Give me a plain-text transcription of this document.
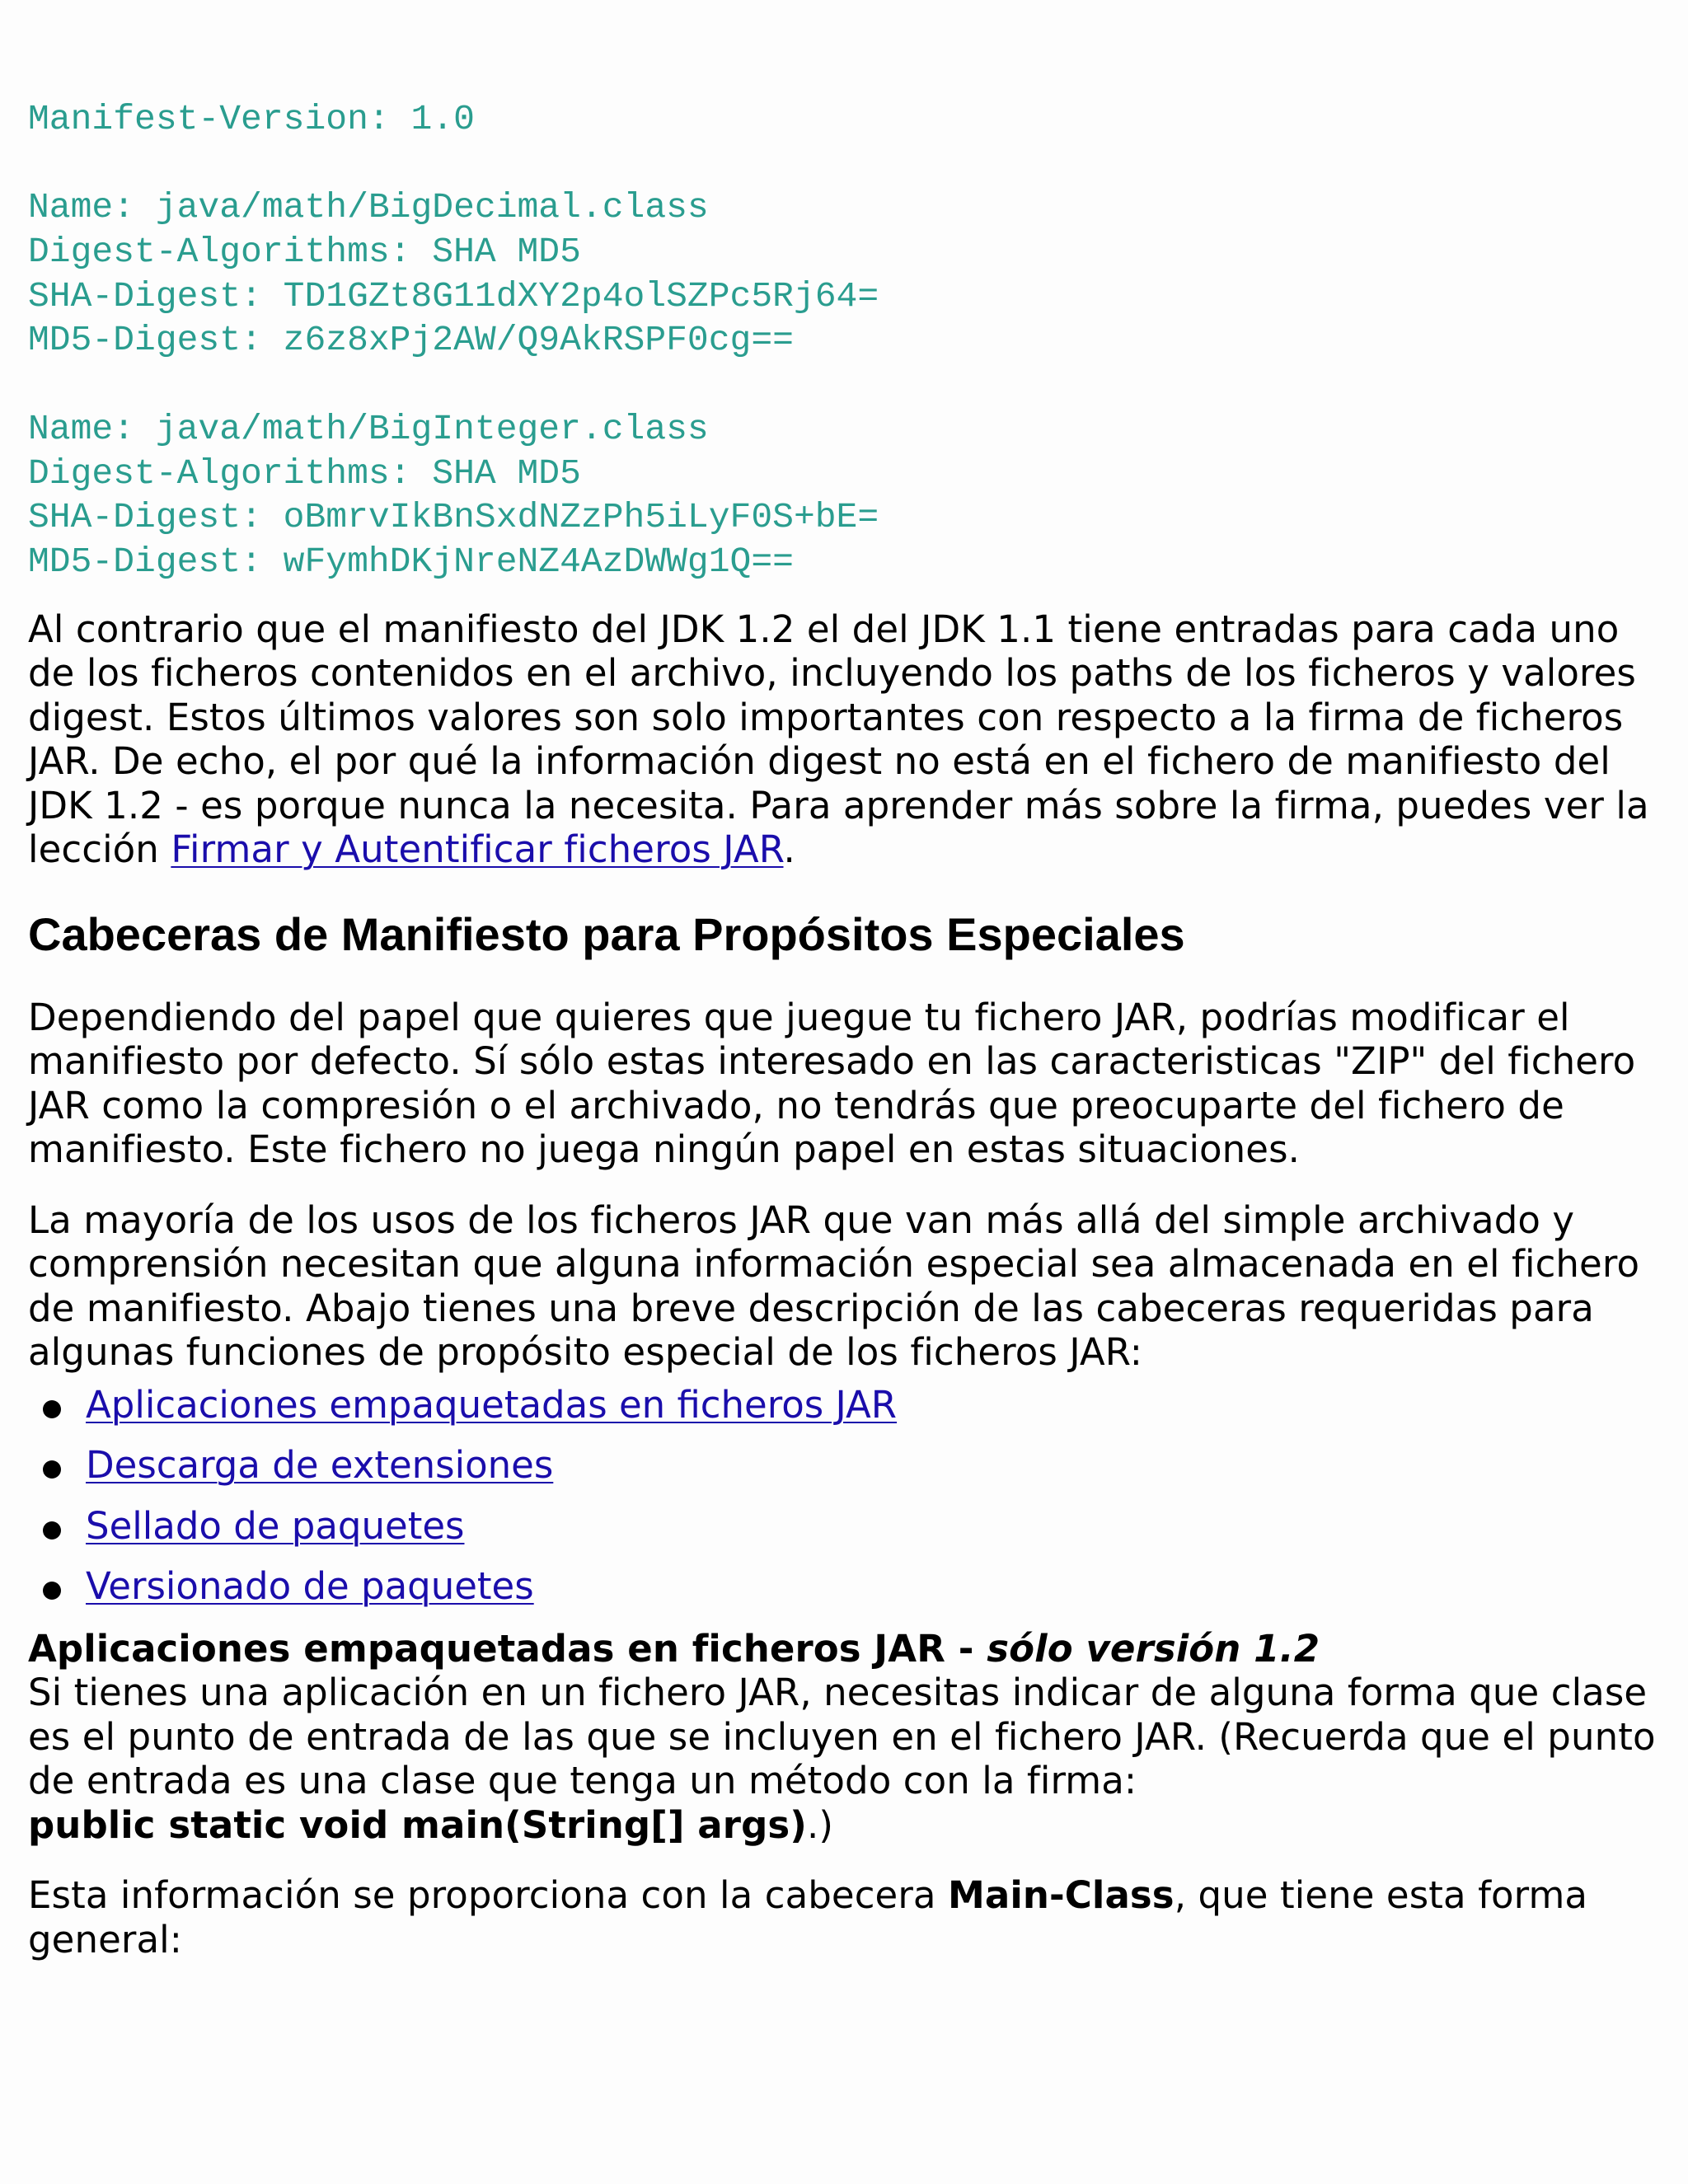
Manifest-Version: 1.0
Name: java/math/BigDecimal.class
Digest-Algorithms: SHA MD5
SHA-Digest: TD1GZt8G11dXY2p4olSZPc5Rj64=
MD5-Digest: z6z8xPj2AW/Q9AkRSPF0cg==
Name: java/math/BigInteger.class
Digest-Algorithms: SHA MD5
SHA-Digest: oBmrvIkBnSxdNZzPh5iLyF0S+bE=
MD5-Digest: wFymhDKjNreNZ4AzDWWg1Q==

Al contrario que el manifiesto del JDK 1.2 el del JDK 1.1 tiene entradas para cada uno de los ficheros contenidos en el archivo, incluyendo los paths de los ficheros y valores digest. Estos últimos valores son solo importantes con respecto a la firma de ficheros JAR. De echo, el por qué la información digest no está en el fichero de manifiesto del JDK 1.2 - es porque nunca la necesita. Para aprender más sobre la firma, puedes ver la lección Firmar y Autentificar ficheros JAR.

Cabeceras de Manifiesto para Propósitos Especiales

Dependiendo del papel que quieres que juegue tu fichero JAR, podrías modificar el manifiesto por defecto. Sí sólo estas interesado en las caracteristicas "ZIP" del fichero JAR como la compresión o el archivado, no tendrás que preocuparte del fichero de manifiesto. Este fichero no juega ningún papel en estas situaciones.

La mayoría de los usos de los ficheros JAR que van más allá del simple archivado y comprensión necesitan que alguna información especial sea almacenada en el fichero de manifiesto. Abajo tienes una breve descripción de las cabeceras requeridas para algunas funciones de propósito especial de los ficheros JAR:

Aplicaciones empaquetadas en ficheros JAR
Descarga de extensiones
Sellado de paquetes
Versionado de paquetes

Aplicaciones empaquetadas en ficheros JAR - sólo versión 1.2
Si tienes una aplicación en un fichero JAR, necesitas indicar de alguna forma que clase es el punto de entrada de las que se incluyen en el fichero JAR. (Recuerda que el punto de entrada es una clase que tenga un método con la firma:
public static void main(String[] args).)

Esta información se proporciona con la cabecera Main-Class, que tiene esta forma general:
